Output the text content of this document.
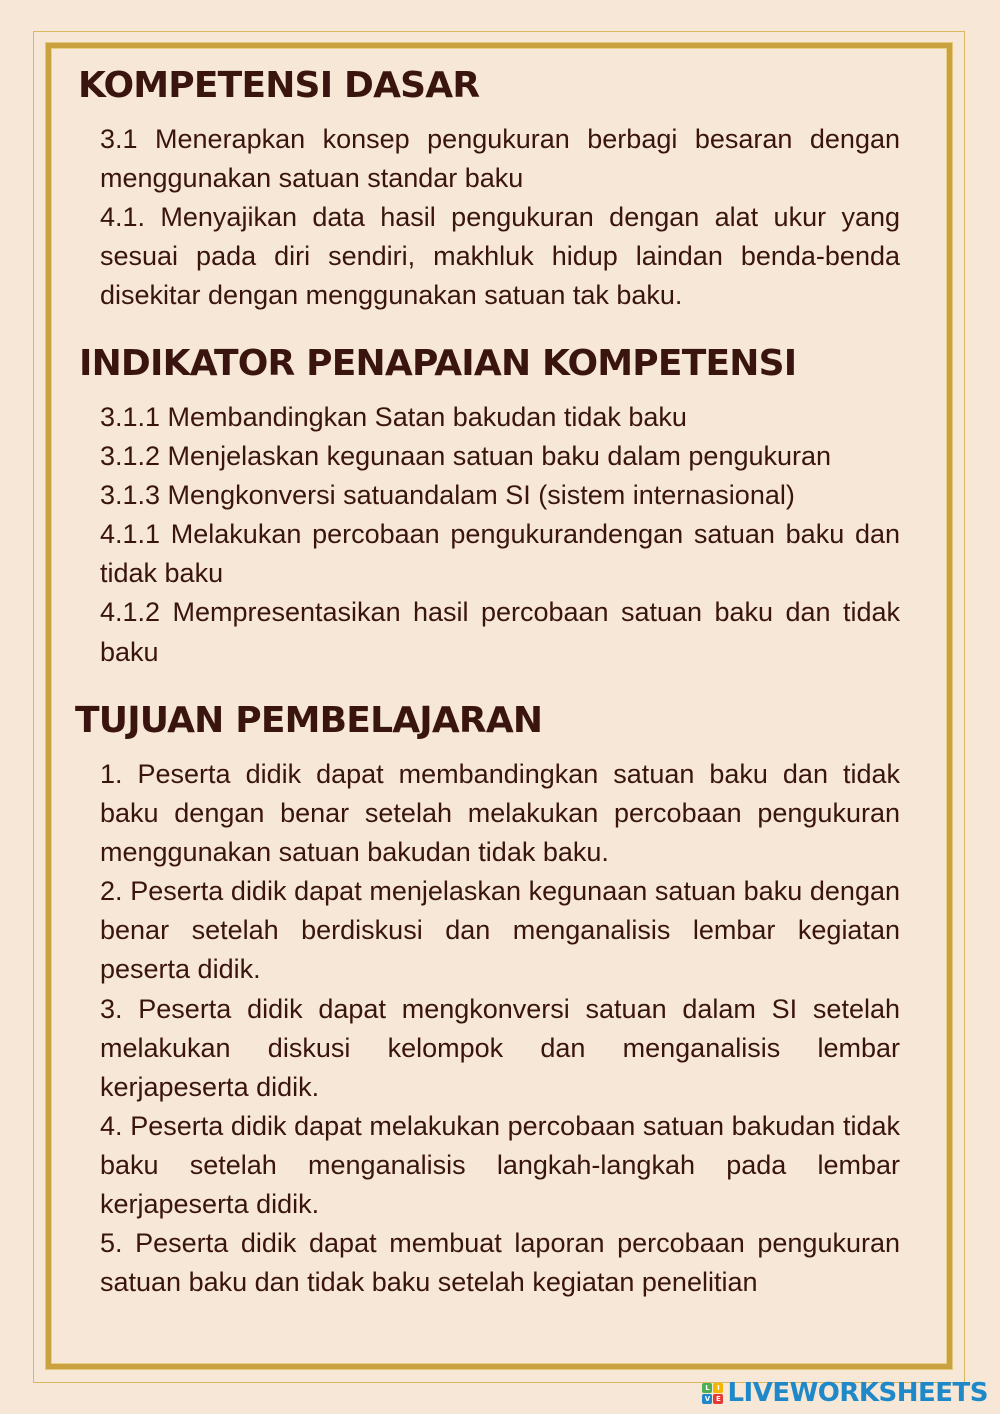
KOMPETENSI DASAR

3.1 Menerapkan konsep pengukuran berbagi besaran dengan menggunakan satuan standar baku

4.1. Menyajikan data hasil pengukuran dengan alat ukur yang sesuai pada diri sendiri, makhluk hidup laindan benda-benda disekitar dengan menggunakan satuan tak baku.

INDIKATOR PENAPAIAN KOMPETENSI

3.1.1 Membandingkan Satan bakudan tidak baku

3.1.2 Menjelaskan kegunaan satuan baku dalam pengukuran

3.1.3 Mengkonversi satuandalam SI (sistem internasional)

4.1.1 Melakukan percobaan pengukurandengan satuan baku dan tidak baku

4.1.2 Mempresentasikan hasil percobaan satuan baku dan tidak baku

TUJUAN PEMBELAJARAN

1. Peserta didik dapat membandingkan satuan baku dan tidak baku dengan benar setelah melakukan percobaan pengukuran menggunakan satuan bakudan tidak baku.

2. Peserta didik dapat menjelaskan kegunaan satuan baku dengan benar setelah berdiskusi dan menganalisis lembar kegiatan peserta didik.

3. Peserta didik dapat mengkonversi satuan dalam SI setelah melakukan diskusi kelompok dan menganalisis lembar kerjapeserta didik.

4. Peserta didik dapat melakukan percobaan satuan bakudan tidak baku setelah menganalisis langkah-langkah pada lembar kerjapeserta didik.

5. Peserta didik dapat membuat laporan percobaan pengukuran satuan baku dan tidak baku setelah kegiatan penelitian

L	I
V E LIVEWORKSHEETS
